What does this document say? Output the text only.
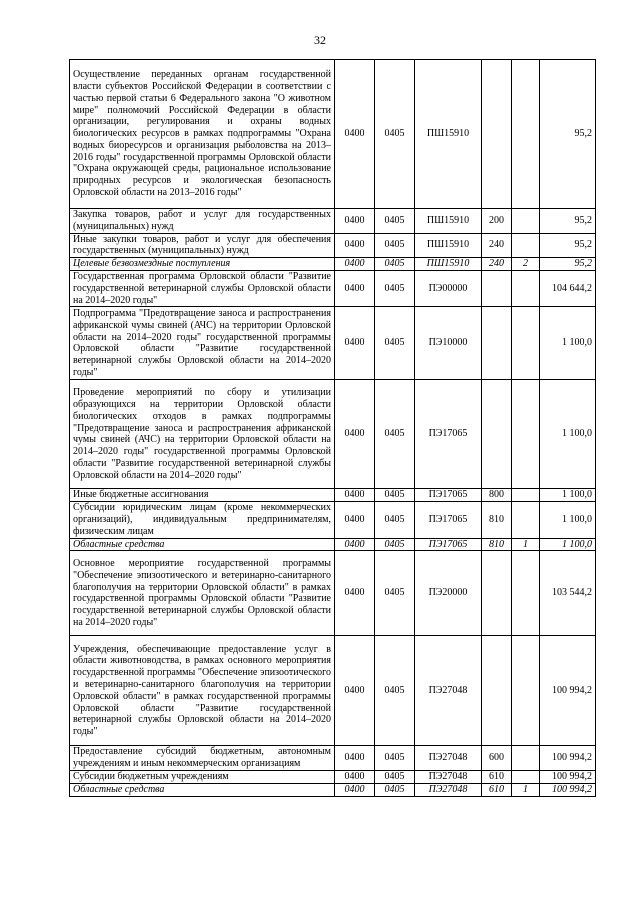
32
Осуществление переданных органам государственной власти субъектов Российской Федерации в соответствии с частью первой статьи 6 Федерального закона "О животном мире" полномочий Российской Федерации в области организации, регулирования и охраны водных биологических ресурсов в рамках подпрограммы "Охрана водных биоресурсов и организация рыболовства на 2013–2016 годы" государственной программы Орловской области "Охрана окружающей среды, рациональное использование природных ресурсов и экологическая безопасность Орловской области на 2013–2016 годы"	0400	0405	ПШ15910			95,2
Закупка товаров, работ и услуг для государственных (муниципальных) нужд	0400	0405	ПШ15910	200		95,2
Иные закупки товаров, работ и услуг для обеспечения государственных (муниципальных) нужд	0400	0405	ПШ15910	240		95,2
Целевые безвозмездные поступления	0400	0405	ПШ15910	240	2	95,2
Государственная программа Орловской области "Развитие государственной ветеринарной службы Орловской области на 2014–2020 годы"	0400	0405	ПЭ00000			104 644,2
Подпрограмма "Предотвращение заноса и распространения африканской чумы свиней (АЧС) на территории Орловской области на 2014–2020 годы" государственной программы Орловской области "Развитие государственной ветеринарной службы Орловской области на 2014–2020 годы"	0400	0405	ПЭ10000			1 100,0
Проведение мероприятий по сбору и утилизации образующихся на территории Орловской области биологических отходов в рамках подпрограммы "Предотвращение заноса и распространения африканской чумы свиней (АЧС) на территории Орловской области на 2014–2020 годы" государственной программы Орловской области "Развитие государственной ветеринарной службы Орловской области на 2014–2020 годы"	0400	0405	ПЭ17065			1 100,0
Иные бюджетные ассигнования	0400	0405	ПЭ17065	800		1 100,0
Субсидии юридическим лицам (кроме некоммерческих организаций), индивидуальным предпринимателям, физическим лицам	0400	0405	ПЭ17065	810		1 100,0
Областные средства	0400	0405	ПЭ17065	810	1	1 100,0
Основное мероприятие государственной программы "Обеспечение эпизоотического и ветеринарно-санитарного благополучия на территории Орловской области" в рамках государственной программы Орловской области "Развитие государственной ветеринарной службы Орловской области на 2014–2020 годы"	0400	0405	ПЭ20000			103 544,2
Учреждения, обеспечивающие предоставление услуг в области животноводства, в рамках основного мероприятия государственной программы "Обеспечение эпизоотического и ветеринарно-санитарного благополучия на территории Орловской области" в рамках государственной программы Орловской области "Развитие государственной ветеринарной службы Орловской области на 2014–2020 годы"	0400	0405	ПЭ27048			100 994,2
Предоставление субсидий бюджетным, автономным учреждениям и иным некоммерческим организациям	0400	0405	ПЭ27048	600		100 994,2
Субсидии бюджетным учреждениям	0400	0405	ПЭ27048	610		100 994,2
Областные средства	0400	0405	ПЭ27048	610	1	100 994,2
